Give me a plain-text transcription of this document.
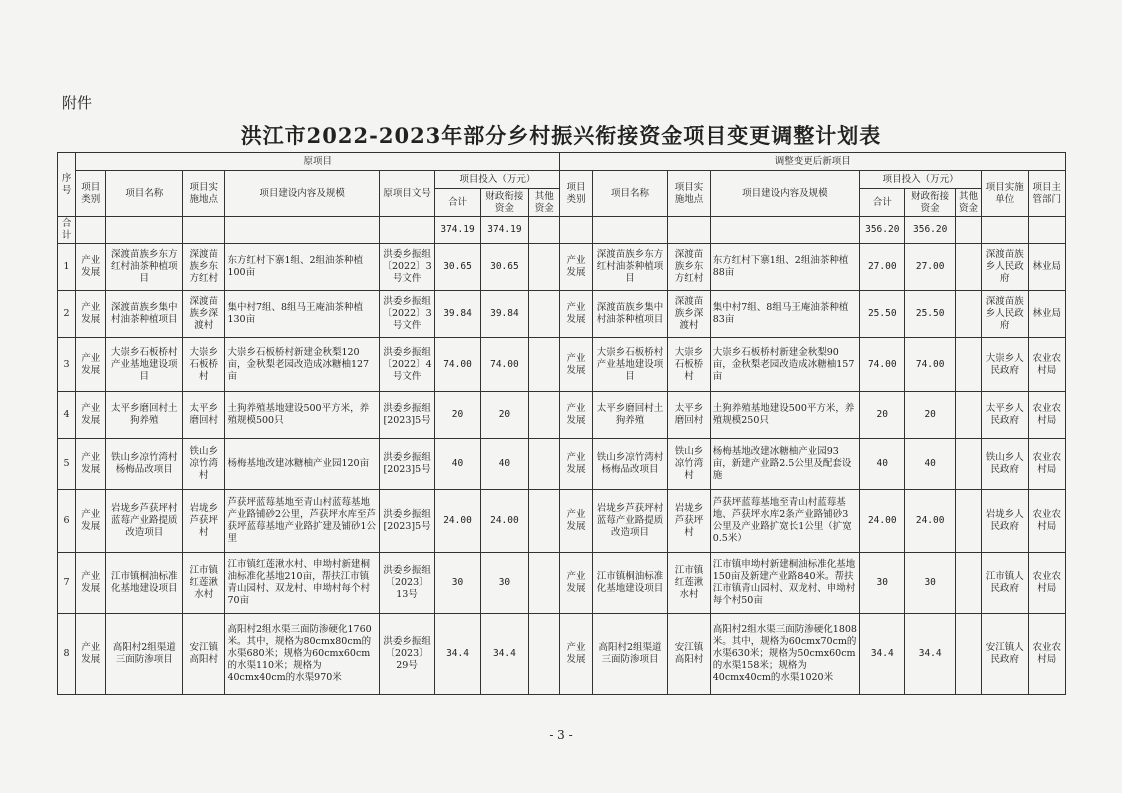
附件
洪江市2022-2023年部分乡村振兴衔接资金项目变更调整计划表
序号	原项目								调整变更后新项目								
	项目类别	项目名称	项目实施地点	项目建设内容及规模	原项目文号	项目投入（万元）			项目类别	项目名称	项目实施地点	项目建设内容及规模	项目投入（万元）			项目实施单位	项目主管部门
						合计	财政衔接资金	其他资金					合计	财政衔接资金	其他资金		
合计						374.19	374.19						356.20	356.20			
1	产业发展	深渡苗族乡东方红村油茶种植项目	深渡苗族乡东方红村	东方红村下寨1组、2组油茶种植100亩	洪委乡振组〔2022〕3号文件	30.65	30.65		产业发展	深渡苗族乡东方红村油茶种植项目	深渡苗族乡东方红村	东方红村下寨1组、2组油茶种植88亩	27.00	27.00		深渡苗族乡人民政府	林业局
2	产业发展	深渡苗族乡集中村油茶种植项目	深渡苗族乡深渡村	集中村7组、8组马王庵油茶种植130亩	洪委乡振组〔2022〕3号文件	39.84	39.84		产业发展	深渡苗族乡集中村油茶种植项目	深渡苗族乡深渡村	集中村7组、8组马王庵油茶种植83亩	25.50	25.50		深渡苗族乡人民政府	林业局
3	产业发展	大崇乡石板桥村产业基地建设项目	大崇乡石板桥村	大崇乡石板桥村新建金秋梨120亩，金秋梨老园改造成冰糖柚127亩	洪委乡振组〔2022〕4号文件	74.00	74.00		产业发展	大崇乡石板桥村产业基地建设项目	大崇乡石板桥村	大崇乡石板桥村新建金秋梨90亩，金秋梨老园改造成冰糖柚157亩	74.00	74.00		大崇乡人民政府	农业农村局
4	产业发展	太平乡磨回村土狗养殖	太平乡磨回村	土狗养殖基地建设500平方米，养殖规模500只	洪委乡振组[2023]5号	20	20		产业发展	太平乡磨回村土狗养殖	太平乡磨回村	土狗养殖基地建设500平方米，养殖规模250只	20	20		太平乡人民政府	农业农村局
5	产业发展	铁山乡凉竹湾村杨梅品改项目	铁山乡凉竹湾村	杨梅基地改建冰糖柚产业园120亩	洪委乡振组[2023]5号	40	40		产业发展	铁山乡凉竹湾村杨梅品改项目	铁山乡凉竹湾村	杨梅基地改建冰糖柚产业园93亩，新建产业路2.5公里及配套设施	40	40		铁山乡人民政府	农业农村局
6	产业发展	岩垅乡芦获坪村蓝莓产业路提质改造项目	岩垅乡芦获坪村	芦获坪蓝莓基地至青山村蓝莓基地产业路铺砂2公里，芦获坪水库至芦获坪蓝莓基地产业路扩建及铺砂1公里	洪委乡振组[2023]5号	24.00	24.00		产业发展	岩垅乡芦获坪村蓝莓产业路提质改造项目	岩垅乡芦获坪村	芦获坪蓝莓基地至青山村蓝莓基地、芦获坪水库2条产业路铺砂3公里及产业路扩宽长1公里（扩宽0.5米）	24.00	24.00		岩垅乡人民政府	农业农村局
7	产业发展	江市镇桐油标准化基地建设项目	江市镇红莲湫水村	江市镇红莲湫水村、申坳村新建桐油标准化基地210亩，帮扶江市镇青山园村、双龙村、申坳村每个村70亩	洪委乡振组〔2023〕13号	30	30		产业发展	江市镇桐油标准化基地建设项目	江市镇红莲湫水村	江市镇申坳村新建桐油标准化基地150亩及新建产业路840米。帮扶江市镇青山园村、双龙村、申坳村每个村50亩	30	30		江市镇人民政府	农业农村局
8	产业发展	高阳村2组渠道三面防渗项目	安江镇高阳村	高阳村2组水渠三面防渗硬化1760米。其中，规格为80cmx80cm的水渠680米；规格为60cmx60cm的水渠110米；规格为40cmx40cm的水渠970米	洪委乡振组〔2023〕29号	34.4	34.4		产业发展	高阳村2组渠道三面防渗项目	安江镇高阳村	高阳村2组水渠三面防渗硬化1808米。其中，规格为60cmx70cm的水渠630米；规格为50cmx60cm的水渠158米；规格为40cmx40cm的水渠1020米	34.4	34.4		安江镇人民政府	农业农村局
- 3 -
